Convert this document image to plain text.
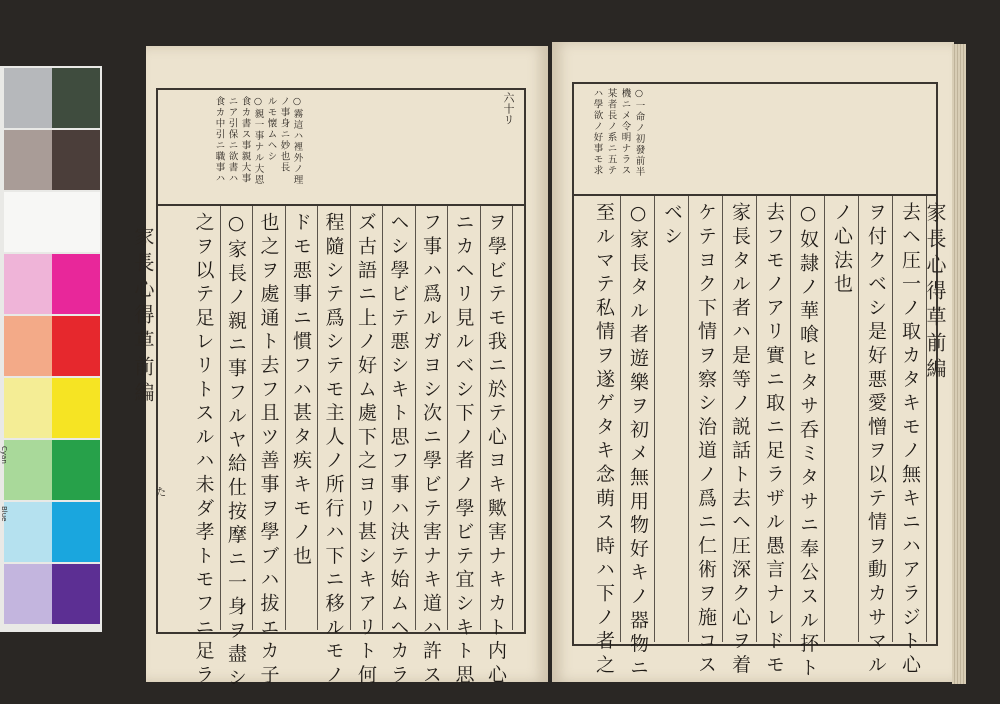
Cyan
Blue
六十リ
○霧這ハ裡外ノ理
ノ事身ニ妙也長
ルモ懐ムヘシ
○親一事ナル大恩
食カ書ス事親大事
ニア引保ニ欲書ハ
食カ中引ニ職事ハ
ヲ學ビテモ我ニ於テ心ヨキ歟害ナキカト内心
ニカヘリ見ルベシ下ノ者ノ學ビテ宜シキト思
フ事ハ爲ルガヨシ次ニ學ビテ害ナキ道ハ許ス
ヘシ學ビテ悪シキト思フ事ハ決テ始ムヘカラ
ズ古語ニ上ノ好ム處下之ヨリ甚シキアリト何
程隨シテ爲シテモ主人ノ所行ハ下ニ移ルモノ
ドモ悪事ニ慣フハ甚タ疾キモノ也
也之ヲ處通ト去フ且ツ善事ヲ學ブハ拔エカ子
○家長ノ親ニ事フルヤ給仕按摩ニ一身ヲ盡シ
之ヲ以テ足レリトスルハ未ダ孝トモフニ足ラ
家長心得草前編
た
○一命ノ初發前半
機ニメ令明ナラス
某者長ノ系ニ五テ
ハ學欲ノ好事モ求
去ヘ圧一ノ取カタキモノ無キニハアラジト心
ヲ付クベシ是好悪愛憎ヲ以テ情ヲ動カサマル
ノ心法也
○奴隷ノ華喰ヒタサ呑ミタサニ奉公スル抔ト
去フモノアリ實ニ取ニ足ラザル愚言ナレドモ
家長タル者ハ是等ノ説話ト去ヘ圧深ク心ヲ着
ケテヨク下情ヲ察シ治道ノ爲ニ仁術ヲ施コス
ベシ
○家長タル者遊樂ヲ初メ無用物好キノ器物ニ
至ルマテ私情ヲ遂ゲタキ念萌ス時ハ下ノ者之	家長心得草前編
